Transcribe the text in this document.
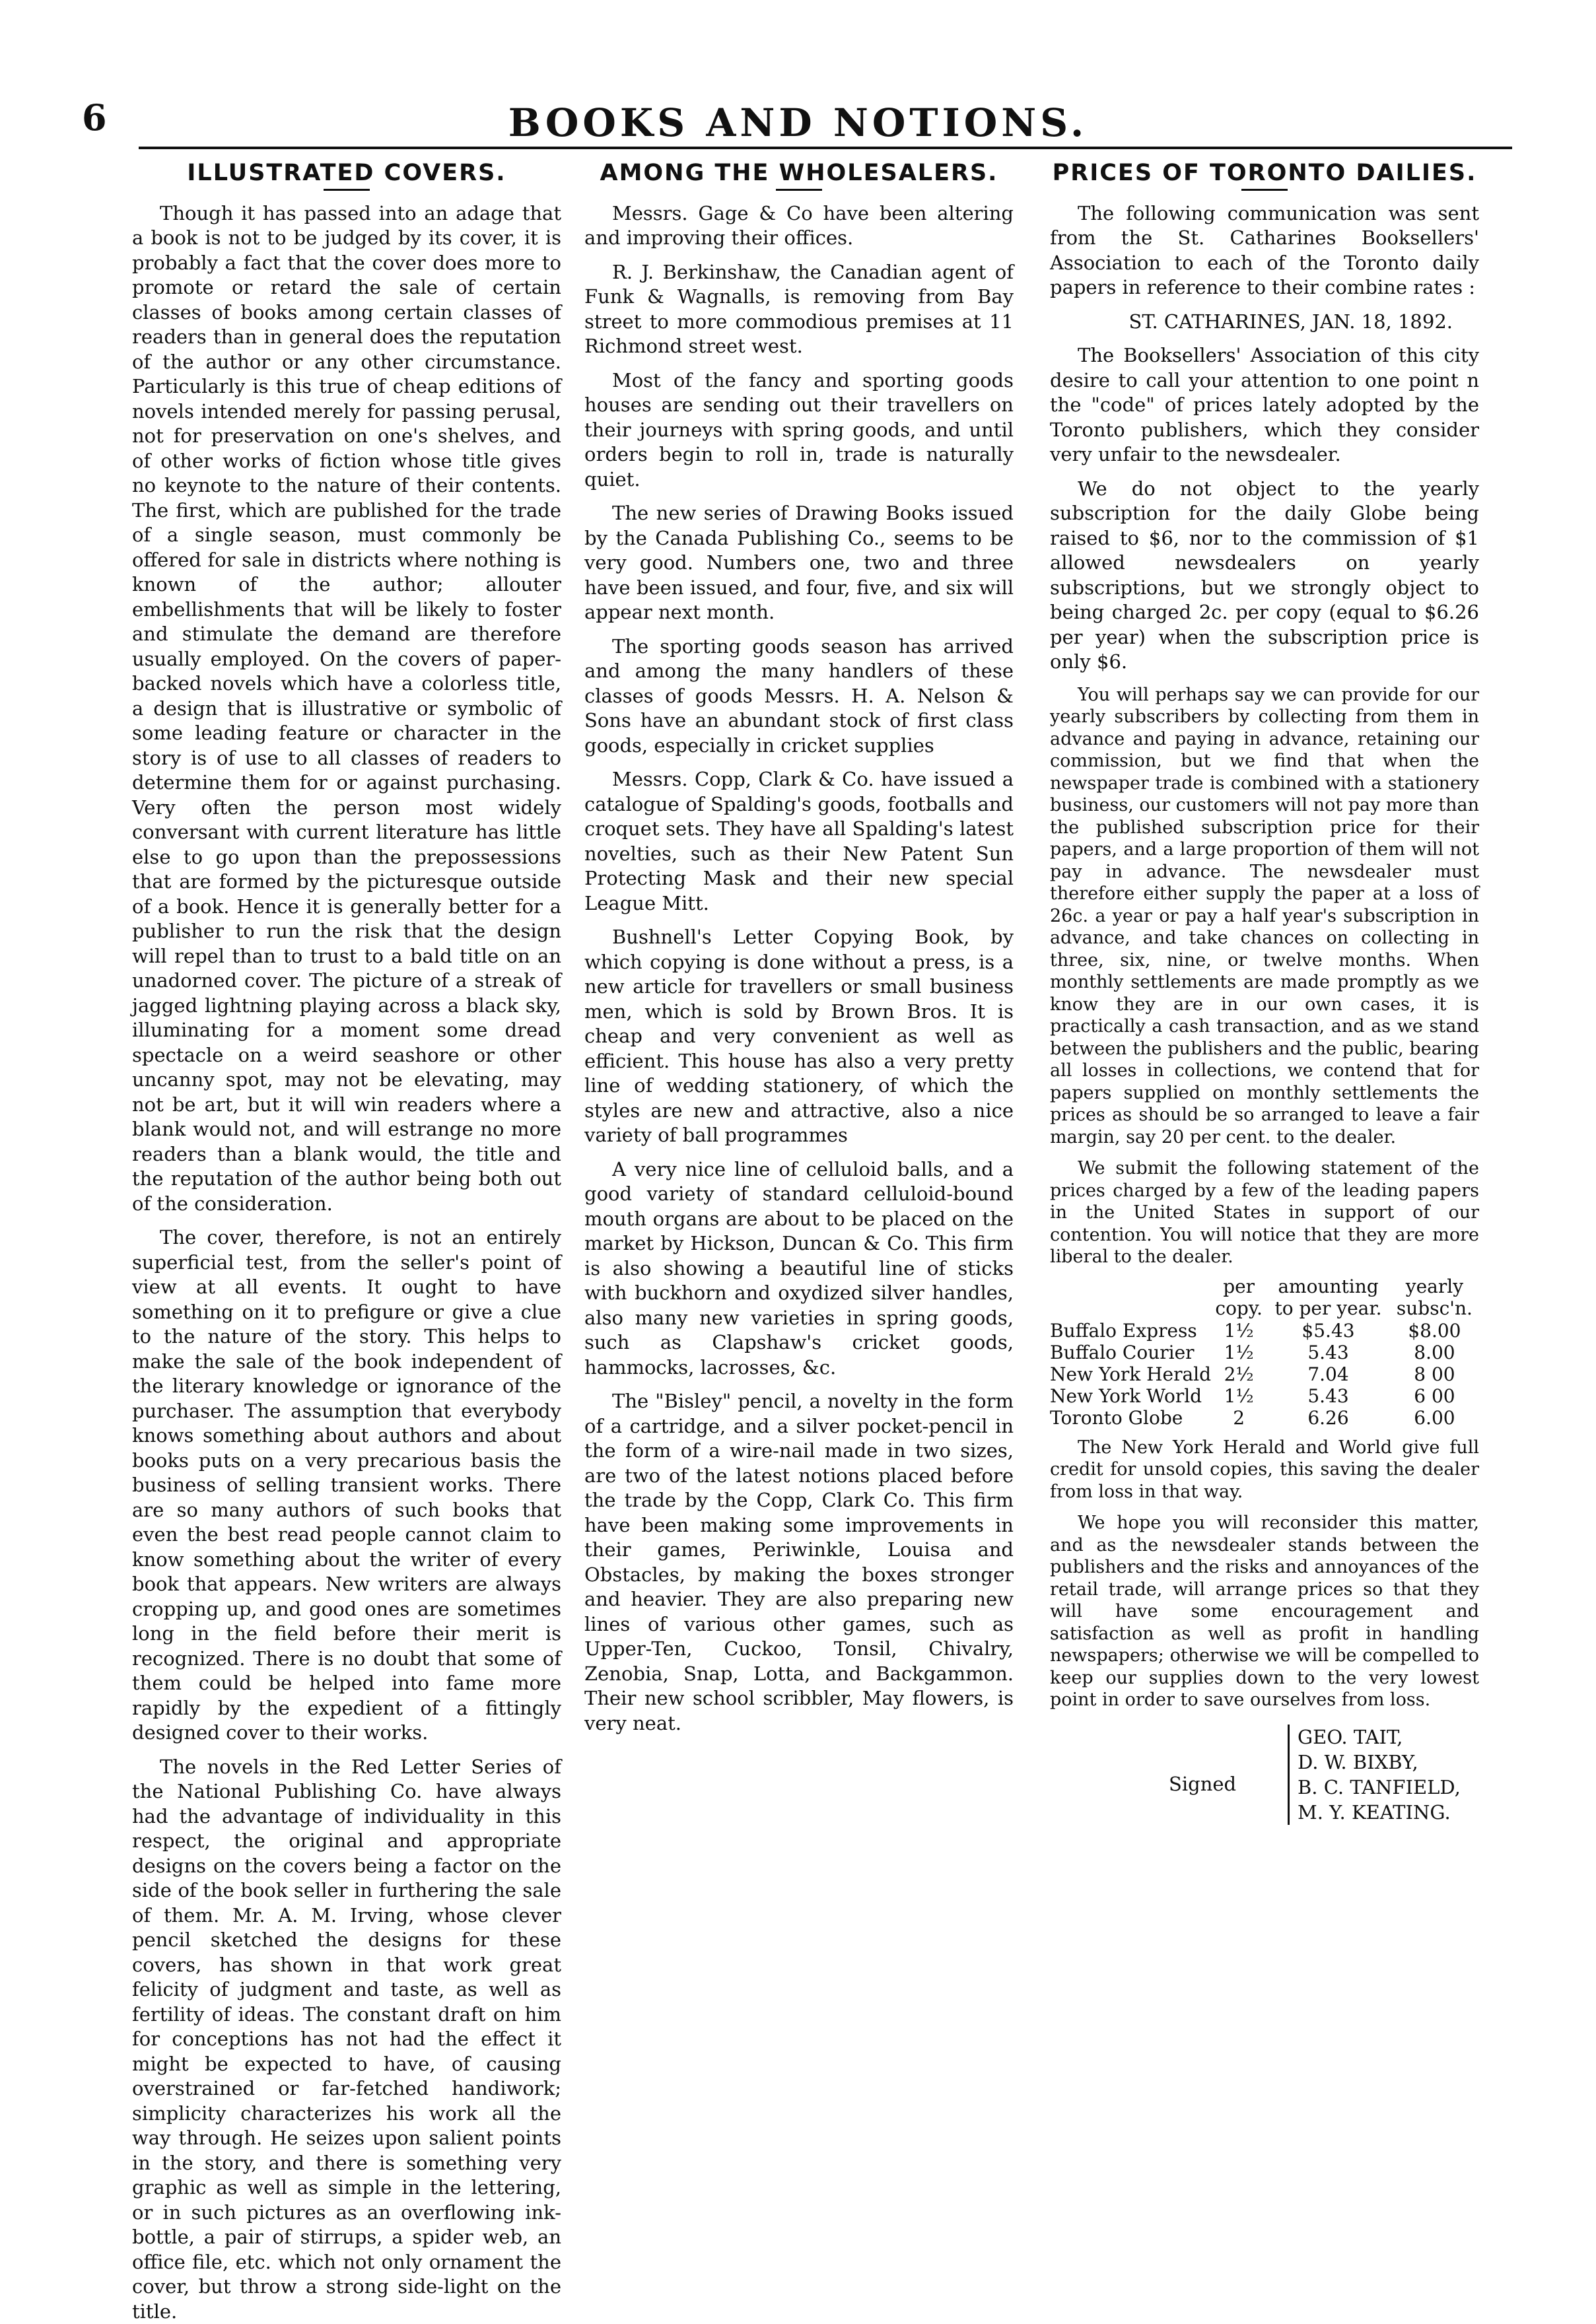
6	BOOKS AND NOTIONS.
ILLUSTRATED COVERS.

Though it has passed into an adage that a book is not to be judged by its cover, it is probably a fact that the cover does more to promote or retard the sale of certain classes of books among certain classes of readers than in general does the reputation of the author or any other circumstance. Particularly is this true of cheap editions of novels intended merely for passing perusal, not for preservation on one's shelves, and of other works of fiction whose title gives no keynote to the nature of their contents. The first, which are published for the trade of a single season, must commonly be offered for sale in districts where nothing is known of the author; allouter embellishments that will be likely to foster and stimulate the demand are therefore usually employed. On the covers of paper-backed novels which have a colorless title, a design that is illustrative or symbolic of some leading feature or character in the story is of use to all classes of readers to determine them for or against purchasing. Very often the person most widely conversant with current literature has little else to go upon than the prepossessions that are formed by the picturesque outside of a book. Hence it is generally better for a publisher to run the risk that the design will repel than to trust to a bald title on an unadorned cover. The picture of a streak of jagged lightning playing across a black sky, illuminating for a moment some dread spectacle on a weird seashore or other uncanny spot, may not be elevating, may not be art, but it will win readers where a blank would not, and will estrange no more readers than a blank would, the title and the reputation of the author being both out of the consideration.

The cover, therefore, is not an entirely superficial test, from the seller's point of view at all events. It ought to have something on it to prefigure or give a clue to the nature of the story. This helps to make the sale of the book independent of the literary knowledge or ignorance of the purchaser. The assumption that everybody knows something about authors and about books puts on a very precarious basis the business of selling transient works. There are so many authors of such books that even the best read people cannot claim to know something about the writer of every book that appears. New writers are always cropping up, and good ones are sometimes long in the field before their merit is recognized. There is no doubt that some of them could be helped into fame more rapidly by the expedient of a fittingly designed cover to their works.

The novels in the Red Letter Series of the National Publishing Co. have always had the advantage of individuality in this respect, the original and appropriate designs on the covers being a factor on the side of the book seller in furthering the sale of them. Mr. A. M. Irving, whose clever pencil sketched the designs for these covers, has shown in that work great felicity of judgment and taste, as well as fertility of ideas. The constant draft on him for conceptions has not had the effect it might be expected to have, of causing overstrained or far-fetched handiwork; simplicity characterizes his work all the way through. He seizes upon salient points in the story, and there is something very graphic as well as simple in the lettering, or in such pictures as an overflowing ink-bottle, a pair of stirrups, a spider web, an office file, etc. which not only ornament the cover, but throw a strong side-light on the title.

AMONG THE WHOLESALERS.

Messrs. Gage & Co have been altering and improving their offices.

R. J. Berkinshaw, the Canadian agent of Funk & Wagnalls, is removing from Bay street to more commodious premises at 11 Richmond street west.

Most of the fancy and sporting goods houses are sending out their travellers on their journeys with spring goods, and until orders begin to roll in, trade is naturally quiet.

The new series of Drawing Books issued by the Canada Publishing Co., seems to be very good. Numbers one, two and three have been issued, and four, five, and six will appear next month.

The sporting goods season has arrived and among the many handlers of these classes of goods Messrs. H. A. Nelson & Sons have an abundant stock of first class goods, especially in cricket supplies

Messrs. Copp, Clark & Co. have issued a catalogue of Spalding's goods, footballs and croquet sets. They have all Spalding's latest novelties, such as their New Patent Sun Protecting Mask and their new special League Mitt.

Bushnell's Letter Copying Book, by which copying is done without a press, is a new article for travellers or small business men, which is sold by Brown Bros. It is cheap and very convenient as well as efficient. This house has also a very pretty line of wedding stationery, of which the styles are new and attractive, also a nice variety of ball programmes

A very nice line of celluloid balls, and a good variety of standard celluloid-bound mouth organs are about to be placed on the market by Hickson, Duncan & Co. This firm is also showing a beautiful line of sticks with buckhorn and oxydized silver handles, also many new varieties in spring goods, such as Clapshaw's cricket goods, hammocks, lacrosses, &c.

The "Bisley" pencil, a novelty in the form of a cartridge, and a silver pocket-pencil in the form of a wire-nail made in two sizes, are two of the latest notions placed before the trade by the Copp, Clark Co. This firm have been making some improvements in their games, Periwinkle, Louisa and Obstacles, by making the boxes stronger and heavier. They are also preparing new lines of various other games, such as Upper-Ten, Cuckoo, Tonsil, Chivalry, Zenobia, Snap, Lotta, and Backgammon. Their new school scribbler, May flowers, is very neat.

PRICES OF TORONTO DAILIES.

The following communication was sent from the St. Catharines Booksellers' Association to each of the Toronto daily papers in reference to their combine rates :

ST. CATHARINES, JAN. 18, 1892.

The Booksellers' Association of this city desire to call your attention to one point n the "code" of prices lately adopted by the Toronto publishers, which they consider very unfair to the newsdealer.

We do not object to the yearly subscription for the daily Globe being raised to $6, nor to the commission of $1 allowed newsdealers on yearly subscriptions, but we strongly object to being charged 2c. per copy (equal to $6.26 per year) when the subscription price is only $6.

You will perhaps say we can provide for our yearly subscribers by collecting from them in advance and paying in advance, retaining our commission, but we find that when the newspaper trade is combined with a stationery business, our customers will not pay more than the published subscription price for their papers, and a large proportion of them will not pay in advance. The newsdealer must therefore either supply the paper at a loss of 26c. a year or pay a half year's subscription in advance, and take chances on collecting in three, six, nine, or twelve months. When monthly settlements are made promptly as we know they are in our own cases, it is practically a cash transaction, and as we stand between the publishers and the public, bearing all losses in collections, we contend that for papers supplied on monthly settlements the prices as should be so arranged to leave a fair margin, say 20 per cent. to the dealer.

We submit the following statement of the prices charged by a few of the leading papers in the United States in support of our contention. You will notice that they are more liberal to the dealer.

	per copy.	amounting to per year.	yearly subsc'n.
Buffalo Express	1½	$5.43	$8.00
Buffalo Courier	1½	5.43	8.00
New York Herald	2½	7.04	8 00
New York World	1½	5.43	6 00
Toronto Globe	2	6.26	6.00

The New York Herald and World give full credit for unsold copies, this saving the dealer from loss in that way.

We hope you will reconsider this matter, and as the newsdealer stands between the publishers and the risks and annoyances of the retail trade, will arrange prices so that they will have some encouragement and satisfaction as well as profit in handling newspapers; otherwise we will be compelled to keep our supplies down to the very lowest point in order to save ourselves from loss.

Signed
GEO. TAIT,
D. W. BIXBY,
B. C. TANFIELD,
M. Y. KEATING.
